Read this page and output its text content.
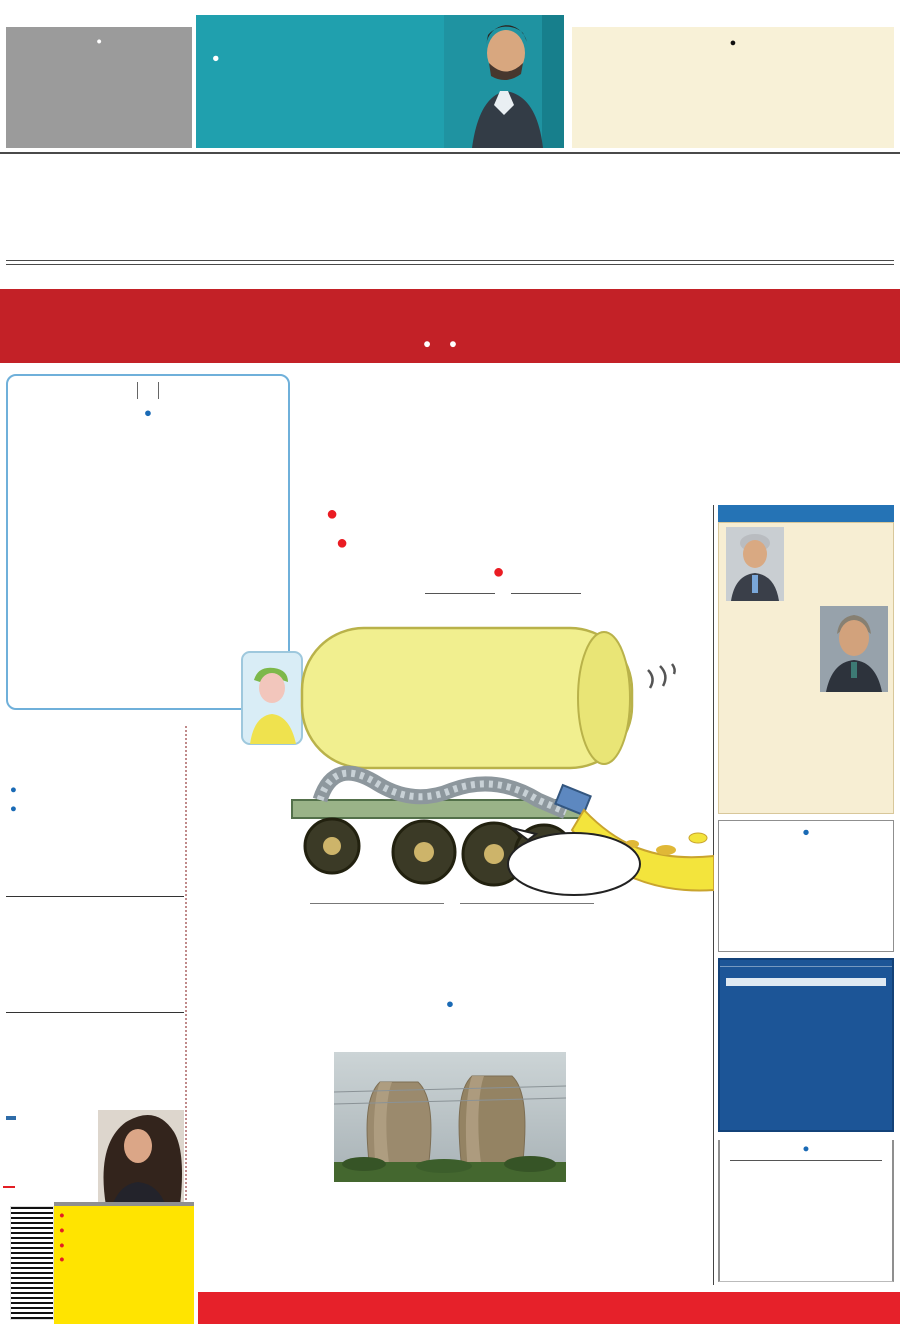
●
●
●
● ●
●
●
●
●
●
●
●
●
●
●
●
●
●
